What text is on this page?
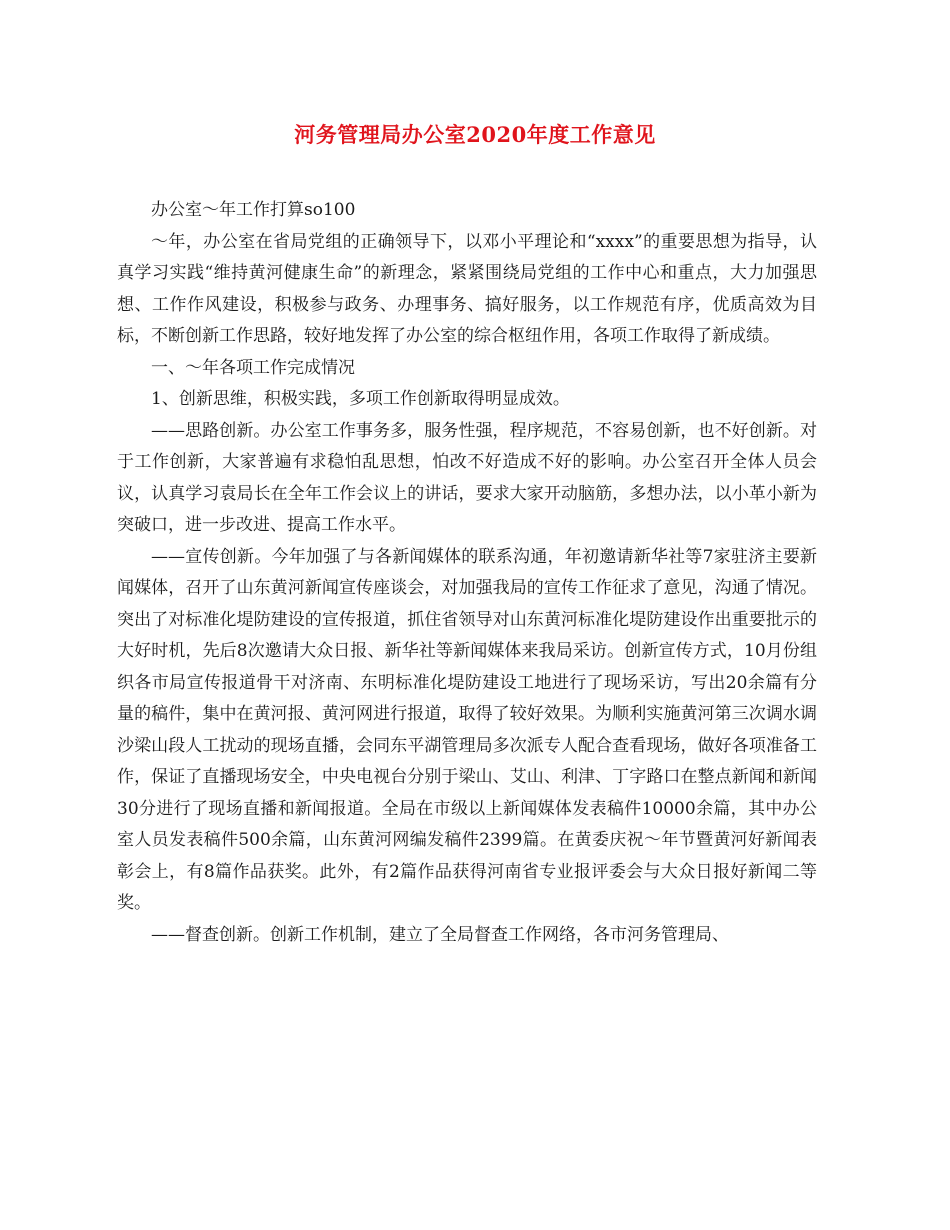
河务管理局办公室2020年度工作意见

办公室～年工作打算so100

～年，办公室在省局党组的正确领导下，以邓小平理论和“xxxx”的重要思想为指导，认真学习实践“维持黄河健康生命”的新理念，紧紧围绕局党组的工作中心和重点，大力加强思想、工作作风建设，积极参与政务、办理事务、搞好服务，以工作规范有序，优质高效为目标，不断创新工作思路，较好地发挥了办公室的综合枢纽作用，各项工作取得了新成绩。

一、～年各项工作完成情况

1、创新思维，积极实践，多项工作创新取得明显成效。

——思路创新。办公室工作事务多，服务性强，程序规范，不容易创新，也不好创新。对于工作创新，大家普遍有求稳怕乱思想，怕改不好造成不好的影响。办公室召开全体人员会议，认真学习袁局长在全年工作会议上的讲话，要求大家开动脑筋，多想办法，以小革小新为突破口，进一步改进、提高工作水平。

——宣传创新。今年加强了与各新闻媒体的联系沟通，年初邀请新华社等7家驻济主要新闻媒体，召开了山东黄河新闻宣传座谈会，对加强我局的宣传工作征求了意见，沟通了情况。突出了对标准化堤防建设的宣传报道，抓住省领导对山东黄河标准化堤防建设作出重要批示的大好时机，先后8次邀请大众日报、新华社等新闻媒体来我局采访。创新宣传方式，10月份组织各市局宣传报道骨干对济南、东明标准化堤防建设工地进行了现场采访，写出20余篇有分量的稿件，集中在黄河报、黄河网进行报道，取得了较好效果。为顺利实施黄河第三次调水调沙梁山段人工扰动的现场直播，会同东平湖管理局多次派专人配合查看现场，做好各项准备工作，保证了直播现场安全，中央电视台分别于梁山、艾山、利津、丁字路口在整点新闻和新闻30分进行了现场直播和新闻报道。全局在市级以上新闻媒体发表稿件10000余篇，其中办公室人员发表稿件500余篇，山东黄河网编发稿件2399篇。在黄委庆祝～年节暨黄河好新闻表彰会上，有8篇作品获奖。此外，有2篇作品获得河南省专业报评委会与大众日报好新闻二等奖。

——督查创新。创新工作机制，建立了全局督查工作网络，各市河务管理局、
